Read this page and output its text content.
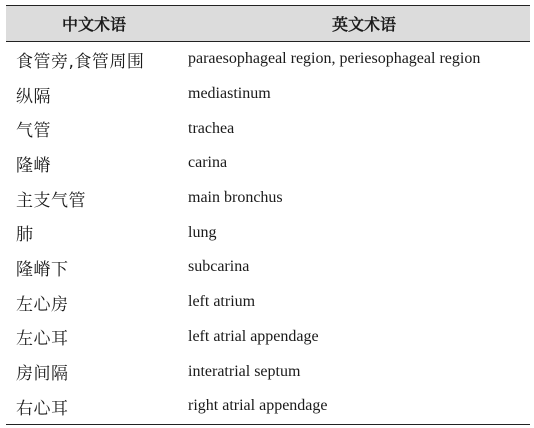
中文术语	英文术语
食管旁,食管周围	paraesophageal region, periesophageal region
纵隔	mediastinum
气管	trachea
隆嵴	carina
主支气管	main bronchus
肺	lung
隆嵴下	subcarina
左心房	left atrium
左心耳	left atrial appendage
房间隔	interatrial septum
右心耳	right atrial appendage
